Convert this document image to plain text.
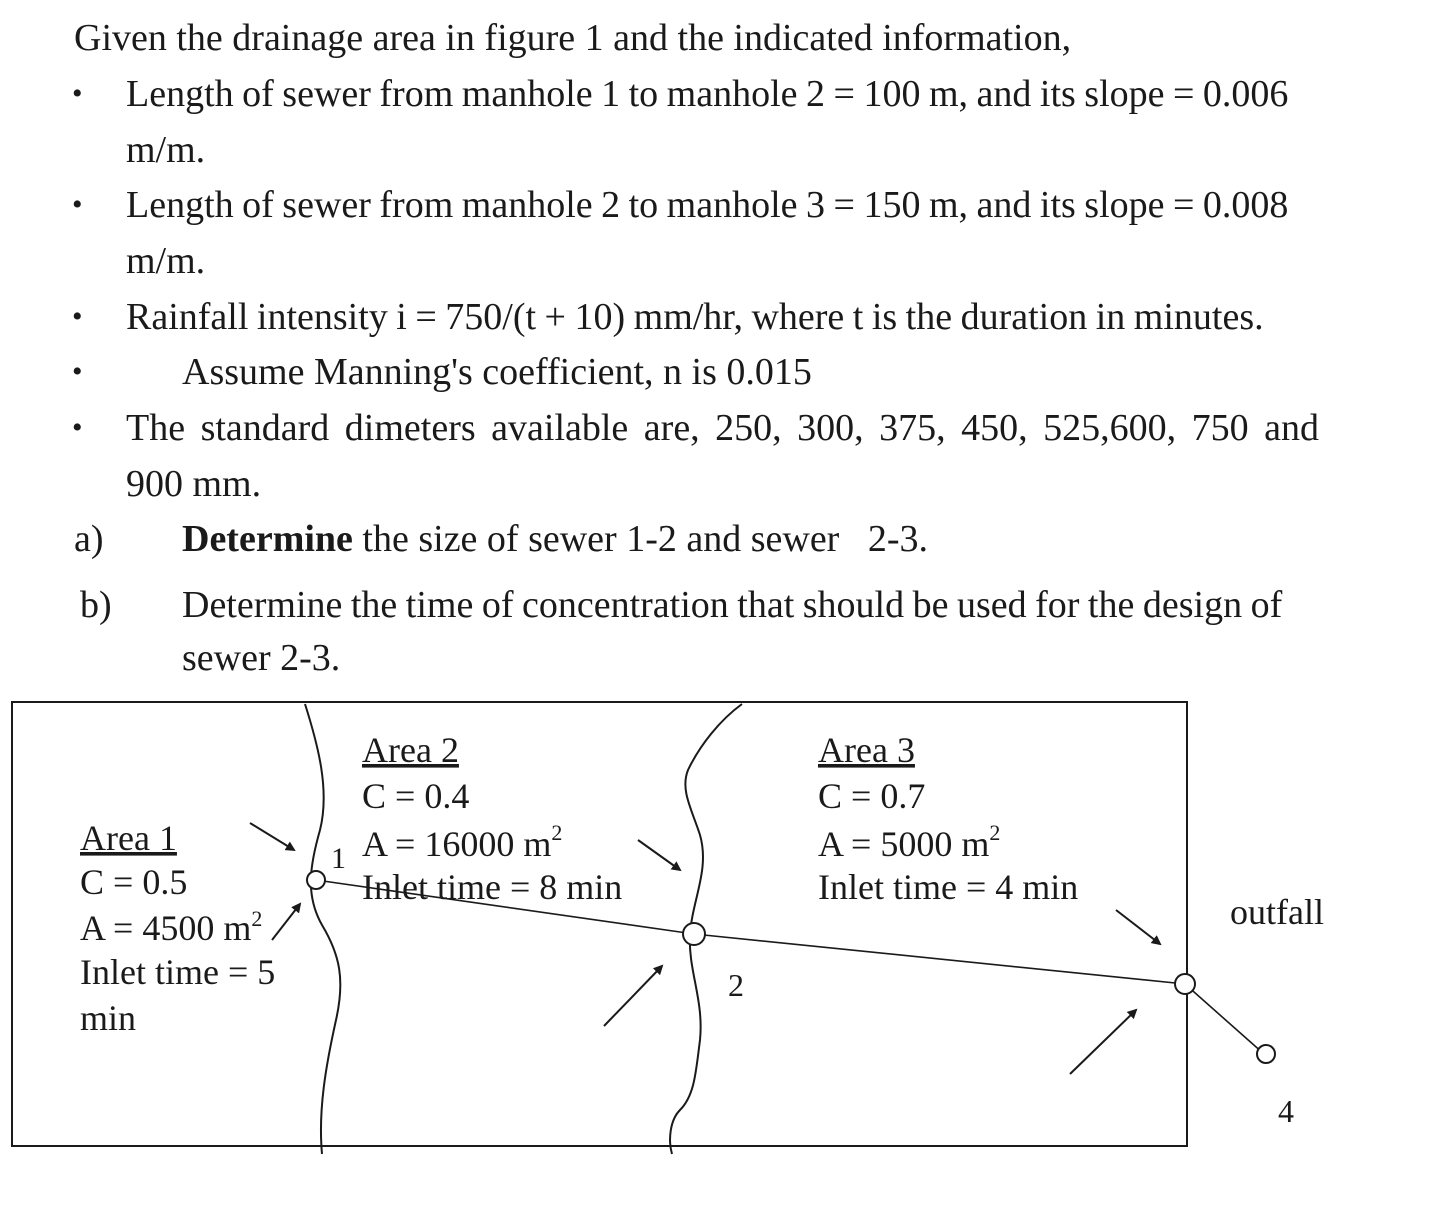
Given the drainage area in figure 1 and the indicated information,
• Length of sewer from manhole 1 to manhole 2 = 100 m, and its slope = 0.006
m/m.
• Length of sewer from manhole 2 to manhole 3 = 150 m, and its slope = 0.008
m/m.
• Rainfall intensity i = 750/(t + 10) mm/hr, where t is the duration in minutes.
•	Assume Manning's coefficient, n is 0.015
• The standard dimeters available are, 250, 300, 375, 450, 525,600, 750 and
900 mm.
a) Determine the size of sewer 1-2 and sewer   2-3.
b) Determine the time of concentration that should be used for the design of
sewer 2-3.
Area 1
C = 0.5
A = 4500 $m^2$
Inlet time = 5
min
Area 2
C = 0.4
A = 16000 $m^2$
Inlet time = 8 min
Area 3
C = 0.7
A = 5000 $m^2$
Inlet time = 4 min
1
2
4
outfall
